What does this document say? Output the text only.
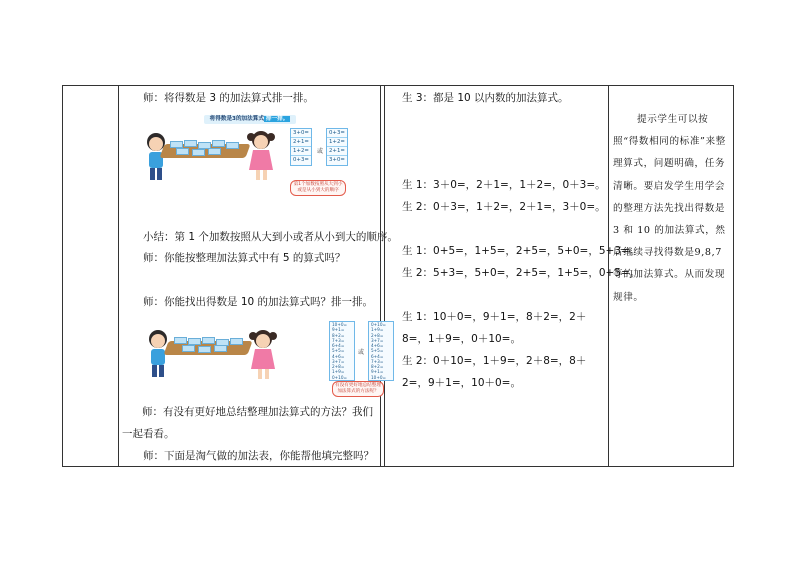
师：将得数是 3 的加法算式排一排。
将得数是3的加法算式 排一排。
3+0=
2+1=
1+2=
0+3=
或
0+3=
1+2=
2+1=
3+0=
第1个加数按照从大到小或是从小到大的顺序
小结：第 1 个加数按照从大到小或者从小到大的顺序。
师：你能按整理加法算式中有 5 的算式吗？
师：你能找出得数是 10 的加法算式吗？排一排。
10+0=
9+1=
8+2=
7+3=
6+4=
5+5=
4+6=
3+7=
2+8=
1+9=
0+10=
或
0+10=
1+9=
2+8=
3+7=
4+6=
5+5=
6+4=
7+3=
8+2=
9+1=
10+0=
有没有更好地总结整理加法算式的方法呢？
师：有没有更好地总结整理加法算式的方法？我们一起看看。
师：下面是淘气做的加法表，你能帮他填完整吗？
生 3：都是 10 以内数的加法算式。
生 1：3＋0=，2＋1=，1＋2=，0＋3=。
生 2：0＋3=，1＋2=，2＋1=，3＋0=。
生 1：0+5=，1+5=，2+5=，5+0=，5+3=。
生 2：5+3=，5+0=，2+5=，1+5=，0+5=。
生 1：10＋0=，9＋1=，8＋2=，2＋8=，1＋9=，0＋10=。
生 2：0＋10=，1＋9=，2＋8=，8＋2=，9＋1=，10＋0=。
提示学生可以按照“得数相同的标准”来整理算式，问题明确，任务清晰。要启发学生用学会的整理方法先找出得数是 3 和 10 的加法算式，然后继续寻找得数是9,8,7 等的加法算式。从而发现规律。
